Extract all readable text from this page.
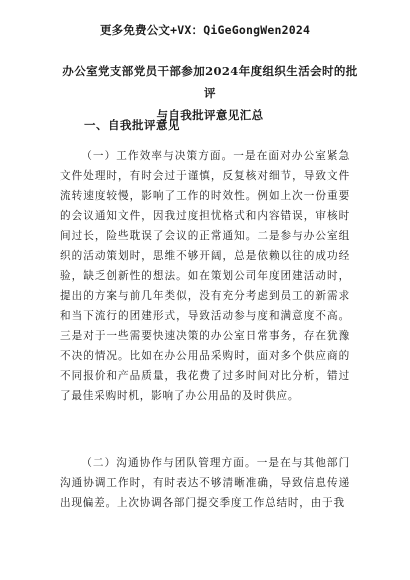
更多免费公文+VX：QiGeGongWen2024
办公室党支部党员干部参加2024年度组织生活会时的批评
与自我批评意见汇总
一、自我批评意见
（一）工作效率与决策方面。一是在面对办公室紧急文件处理时，有时会过于谨慎，反复核对细节，导致文件流转速度较慢，影响了工作的时效性。例如上次一份重要的会议通知文件，因我过度担忧格式和内容错误，审核时间过长，险些耽误了会议的正常通知。二是参与办公室组织的活动策划时，思维不够开阔，总是依赖以往的成功经验，缺乏创新性的想法。如在策划公司年度团建活动时，提出的方案与前几年类似，没有充分考虑到员工的新需求和当下流行的团建形式，导致活动参与度和满意度不高。三是对于一些需要快速决策的办公室日常事务，存在犹豫不决的情况。比如在办公用品采购时，面对多个供应商的不同报价和产品质量，我花费了过多时间对比分析，错过了最佳采购时机，影响了办公用品的及时供应。
（二）沟通协作与团队管理方面。一是在与其他部门沟通协调工作时，有时表达不够清晰准确，导致信息传递出现偏差。上次协调各部门提交季度工作总结时，由于我
